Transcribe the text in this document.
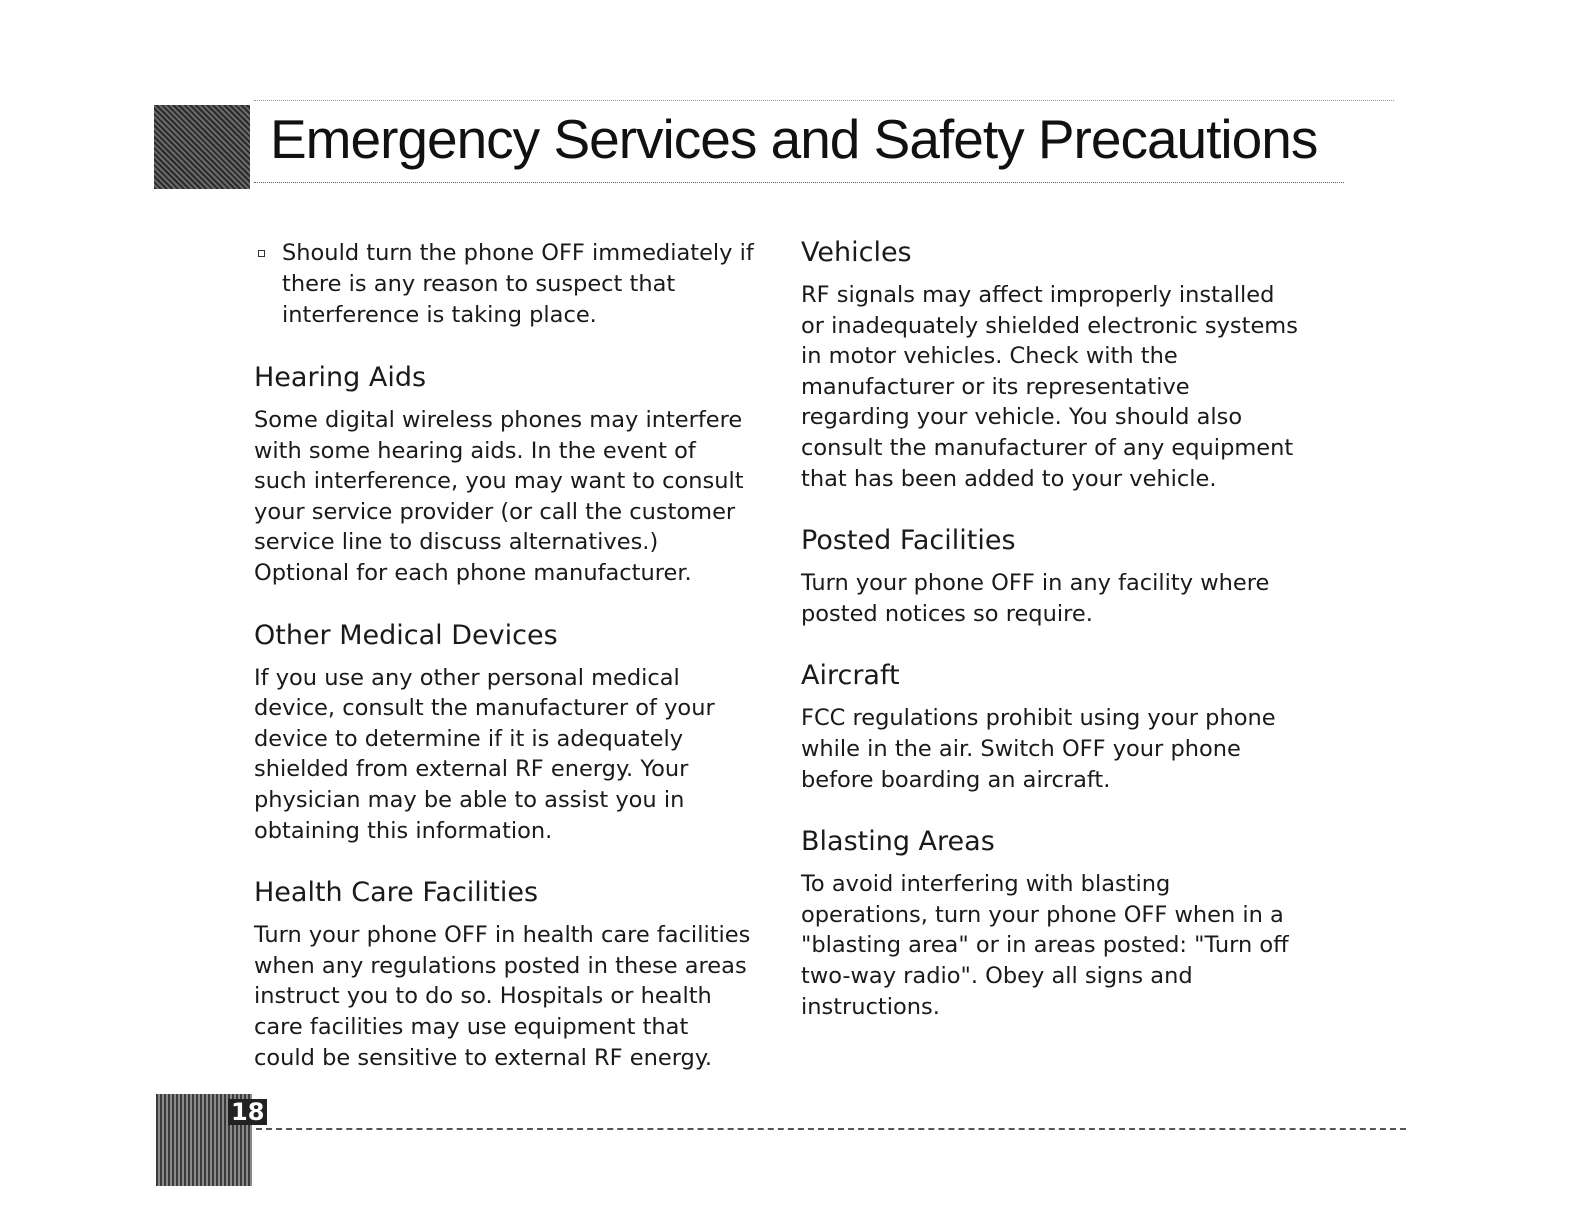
Emergency Services and Safety Precautions
Should turn the phone OFF immediately if there is any reason to suspect that interference is taking place.
Hearing Aids

Some digital wireless phones may interfere with some hearing aids. In the event of such interference, you may want to consult your service provider (or call the customer service line to discuss alternatives.) Optional for each phone manufacturer.

Other Medical Devices

If you use any other personal medical device, consult the manufacturer of your device to determine if it is adequately shielded from external RF energy. Your physician may be able to assist you in obtaining this information.

Health Care Facilities

Turn your phone OFF in health care facilities when any regulations posted in these areas instruct you to do so. Hospitals or health care facilities may use equipment that could be sensitive to external RF energy.

Vehicles

RF signals may affect improperly installed or inadequately shielded electronic systems in motor vehicles. Check with the manufacturer or its representative regarding your vehicle. You should also consult the manufacturer of any equipment that has been added to your vehicle.

Posted Facilities

Turn your phone OFF in any facility where posted notices so require.

Aircraft

FCC regulations prohibit using your phone while in the air. Switch OFF your phone before boarding an aircraft.

Blasting Areas

To avoid interfering with blasting operations, turn your phone OFF when in a "blasting area" or in areas posted: "Turn off two-way radio". Obey all signs and instructions.

18
